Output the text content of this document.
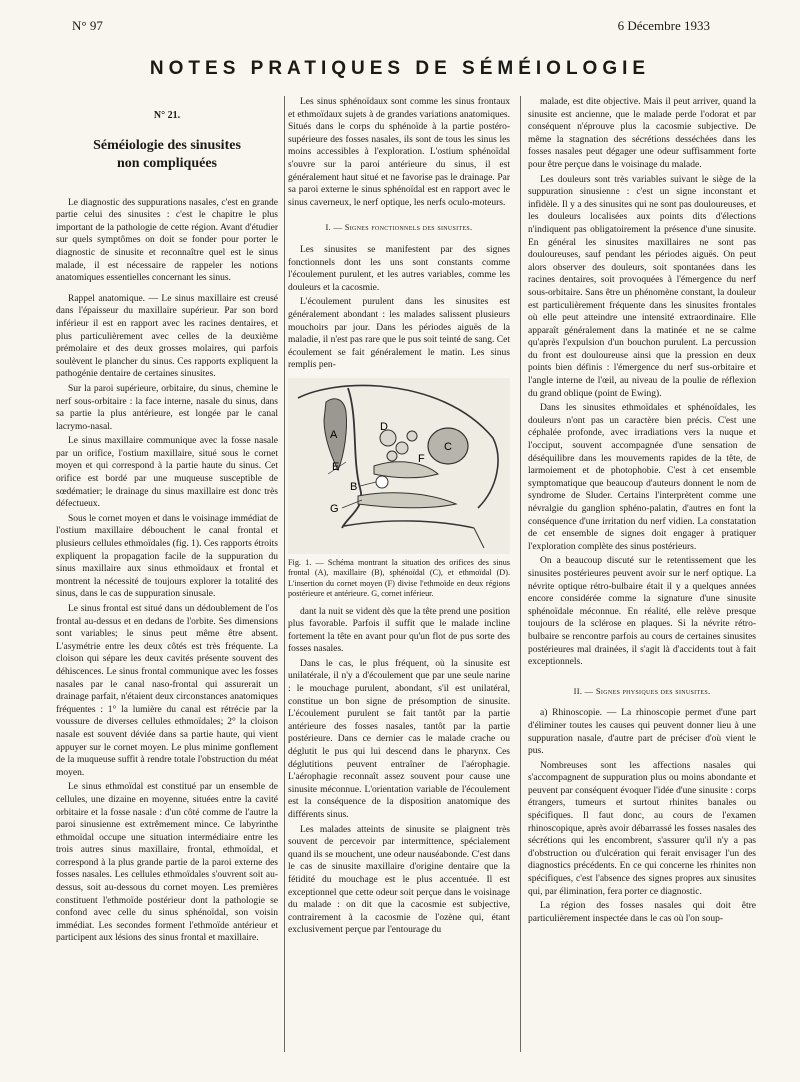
N° 97	6 Décembre 1933
NOTES PRATIQUES DE SÉMÉIOLOGIE
N° 21.
Séméiologie des sinusites
non compliquées

Le diagnostic des suppurations nasales, c'est en grande partie celui des sinusites : c'est le chapitre le plus important de la pathologie de cette région. Avant d'étudier sur quels symptômes on doit se fonder pour porter le diagnostic de sinusite et reconnaître quel est le sinus malade, il est nécessaire de rappeler les notions anatomiques essentielles concernant les sinus.

Rappel anatomique. — Le sinus maxillaire est creusé dans l'épaisseur du maxillaire supérieur. Par son bord inférieur il est en rapport avec les racines dentaires, et plus particulièrement avec celles de la deuxième prémolaire et des deux grosses molaires, qui parfois soulèvent le plancher du sinus. Ces rapports expliquent la pathogénie dentaire de certaines sinusites.

Sur la paroi supérieure, orbitaire, du sinus, chemine le nerf sous-orbitaire : la face interne, nasale du sinus, dans sa partie la plus antérieure, est longée par le canal lacrymo-nasal.

Le sinus maxillaire communique avec la fosse nasale par un orifice, l'ostium maxillaire, situé sous le cornet moyen et qui correspond à la partie haute du sinus. Cet orifice est bordé par une muqueuse susceptible de sœdématier; le drainage du sinus maxillaire est donc très défectueux.

Sous le cornet moyen et dans le voisinage immédiat de l'ostium maxillaire débouchent le canal frontal et plusieurs cellules ethmoïdales (fig. 1). Ces rapports étroits expliquent la propagation facile de la suppuration du sinus maxillaire aux sinus ethmoïdaux et frontal et montrent la nécessité de toujours explorer la totalité des sinus, dans le cas de suppuration sinusale.

Le sinus frontal est situé dans un dédoublement de l'os frontal au-dessus et en dedans de l'orbite. Ses dimensions sont variables; le sinus peut même être absent. L'asymétrie entre les deux côtés est très fréquente. La cloison qui sépare les deux cavités présente souvent des déhiscences. Le sinus frontal communique avec les fosses nasales par le canal naso-frontal qui assurerait un drainage parfait, n'étaient deux circonstances anatomiques fréquentes : 1° la lumière du canal est rétrécie par la voussure de diverses cellules ethmoïdales; 2° la cloison nasale est souvent déviée dans sa partie haute, qui vient appuyer sur le cornet moyen. Le plus minime gonflement de la muqueuse suffit à rendre totale l'obstruction du méat moyen.

Le sinus ethmoïdal est constitué par un ensemble de cellules, une dizaine en moyenne, situées entre la cavité orbitaire et la fosse nasale : d'un côté comme de l'autre la paroi sinusienne est extrêmement mince. Ce labyrinthe ethmoïdal occupe une situation intermédiaire entre les trois autres sinus maxillaire, frontal, ethmoïdal, et correspond à la plus grande partie de la paroi externe des fosses nasales. Les cellules ethmoïdales s'ouvrent soit au-dessus, soit au-dessous du cornet moyen. Les premières constituent l'ethmoïde postérieur dont la pathologie se confond avec celle du sinus sphénoïdal, son voisin immédiat. Les secondes forment l'ethmoïde antérieur et participent aux lésions des sinus frontal et maxillaire.

Les sinus sphénoïdaux sont comme les sinus frontaux et ethmoïdaux sujets à de grandes variations anatomiques. Situés dans le corps du sphénoïde à la partie postéro-supérieure des fosses nasales, ils sont de tous les sinus les moins accessibles à l'exploration. L'ostium sphénoïdal s'ouvre sur la paroi antérieure du sinus, il est généralement haut situé et ne favorise pas le drainage. Par sa paroi externe le sinus sphénoïdal est en rapport avec le sinus caverneux, le nerf optique, les nerfs oculo-moteurs.

I. — Signes fonctionnels des sinusites.

Les sinusites se manifestent par des signes fonctionnels dont les uns sont constants comme l'écoulement purulent, et les autres variables, comme les douleurs et la cacosmie.

L'écoulement purulent dans les sinusites est généralement abondant : les malades salissent plusieurs mouchoirs par jour. Dans les périodes aiguës de la maladie, il n'est pas rare que le pus soit teinté de sang. Cet écoulement se fait généralement le matin. Les sinus remplis pen-

A
D
C
E
F
B
G
Fig. 1. — Schéma montrant la situation des orifices des sinus frontal (A), maxillaire (B), sphénoïdal (C), et ethmoïdal (D). L'insertion du cornet moyen (F) divise l'ethmoïde en deux régions postérieure et antérieure. G, cornet inférieur.

dant la nuit se vident dès que la tête prend une position plus favorable. Parfois il suffit que le malade incline fortement la tête en avant pour qu'un flot de pus sorte des fosses nasales.

Dans le cas, le plus fréquent, où la sinusite est unilatérale, il n'y a d'écoulement que par une seule narine : le mouchage purulent, abondant, s'il est unilatéral, constitue un bon signe de présomption de sinusite. L'écoulement purulent se fait tantôt par la partie antérieure des fosses nasales, tantôt par la partie postérieure. Dans ce dernier cas le malade crache ou déglutit le pus qui lui descend dans le pharynx. Ces déglutitions peuvent entraîner de l'aérophagie. L'aérophagie reconnaît assez souvent pour cause une sinusite méconnue. L'orientation variable de l'écoulement est la conséquence de la disposition anatomique des différents sinus.

Les malades atteints de sinusite se plaignent très souvent de percevoir par intermittence, spécialement quand ils se mouchent, une odeur nauséabonde. C'est dans le cas de sinusite maxillaire d'origine dentaire que la fétidité du mouchage est le plus accentuée. Il est exceptionnel que cette odeur soit perçue dans le voisinage du malade : on dit que la cacosmie est subjective, contrairement à la cacosmie de l'ozène qui, étant exclusivement perçue par l'entourage du

malade, est dite objective. Mais il peut arriver, quand la sinusite est ancienne, que le malade perde l'odorat et par conséquent n'éprouve plus la cacosmie subjective. De même la stagnation des sécrétions desséchées dans les fosses nasales peut dégager une odeur suffisamment forte pour être perçue dans le voisinage du malade.

Les douleurs sont très variables suivant le siège de la suppuration sinusienne : c'est un signe inconstant et infidèle. Il y a des sinusites qui ne sont pas douloureuses, et les douleurs localisées aux points dits d'élections n'indiquent pas obligatoirement la présence d'une sinusite. En général les sinusites maxillaires ne sont pas douloureuses, sauf pendant les périodes aiguës. On peut alors observer des douleurs, soit spontanées dans les racines dentaires, soit provoquées à l'émergence du nerf sous-orbitaire. Sans être un phénomène constant, la douleur est particulièrement fréquente dans les sinusites frontales où elle peut atteindre une intensité extraordinaire. Elle apparaît généralement dans la matinée et ne se calme qu'après l'expulsion d'un bouchon purulent. La percussion du front est douloureuse ainsi que la pression en deux points bien définis : l'émergence du nerf sus-orbitaire et l'angle interne de l'œil, au niveau de la poulie de réflexion du grand oblique (point de Ewing).

Dans les sinusites ethmoïdales et sphénoïdales, les douleurs n'ont pas un caractère bien précis. C'est une céphalée profonde, avec irradiations vers la nuque et l'occiput, souvent accompagnée d'une sensation de déséquilibre dans les mouvements rapides de la tête, de larmoiement et de photophobie. C'est à cet ensemble symptomatique que beaucoup d'auteurs donnent le nom de syndrome de Sluder. Certains l'interprètent comme une névralgie du ganglion sphéno-palatin, d'autres en font la conséquence d'une irritation du nerf vidien. La constatation de cet ensemble de signes doit engager à pratiquer l'exploration complète des sinus postérieurs.

On a beaucoup discuté sur le retentissement que les sinusites postérieures peuvent avoir sur le nerf optique. La névrite optique rétro-bulbaire était il y a quelques années encore considérée comme la signature d'une sinusite sphénoïdale méconnue. En réalité, elle relève presque toujours de la sclérose en plaques. Si la névrite rétro-bulbaire se rencontre parfois au cours de certaines sinusites postérieures mal drainées, il s'agit là d'accidents tout à fait exceptionnels.

II. — Signes physiques des sinusites.

a) Rhinoscopie. — La rhinoscopie permet d'une part d'éliminer toutes les causes qui peuvent donner lieu à une suppuration nasale, d'autre part de préciser d'où vient le pus.

Nombreuses sont les affections nasales qui s'accompagnent de suppuration plus ou moins abondante et peuvent par conséquent évoquer l'idée d'une sinusite : corps étrangers, tumeurs et surtout rhinites banales ou spécifiques. Il faut donc, au cours de l'examen rhinoscopique, après avoir débarrassé les fosses nasales des sécrétions qui les encombrent, s'assurer qu'il n'y a pas d'obstruction ou d'ulcération qui ferait envisager l'un des diagnostics précédents. En ce qui concerne les rhinites non spécifiques, c'est l'absence des signes propres aux sinusites qui, par élimination, fera porter ce diagnostic.

La région des fosses nasales qui doit être particulièrement inspectée dans le cas où l'on soup-
